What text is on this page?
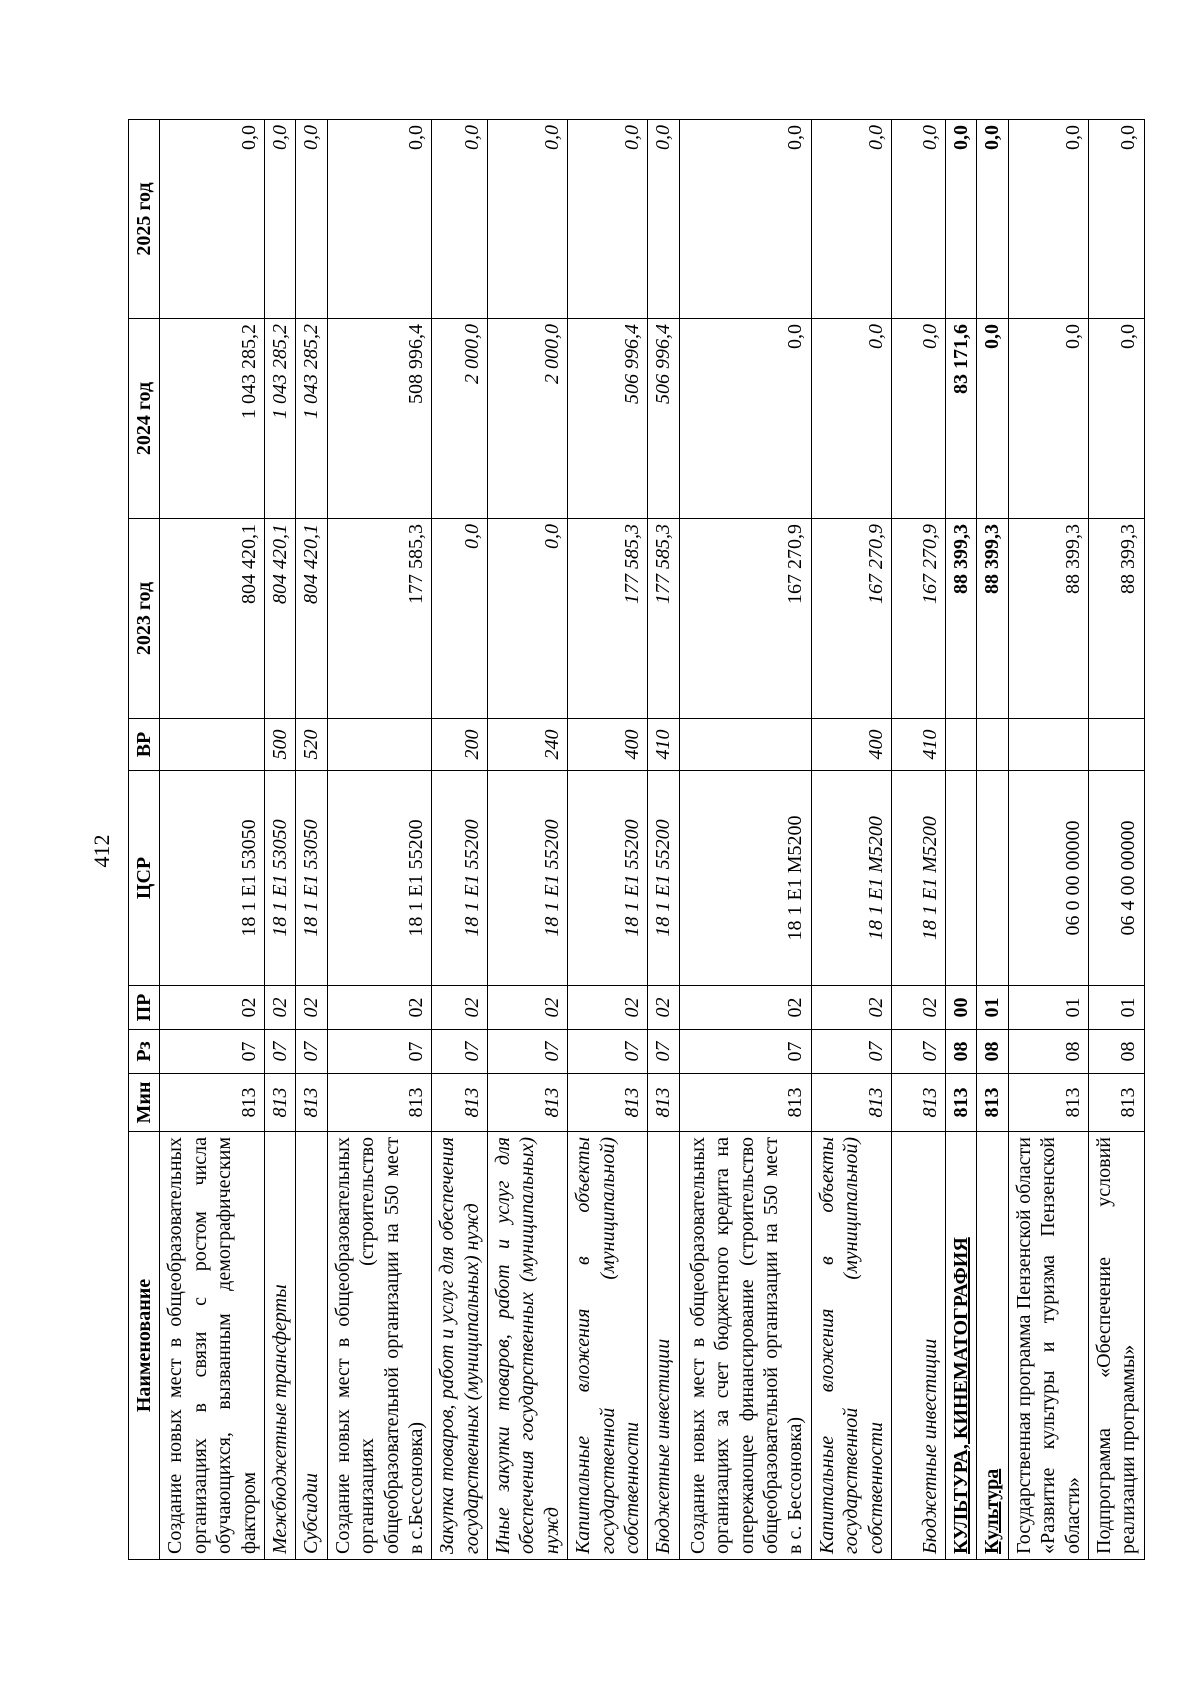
412
Наименование	Мин	Рз	ПР	ЦСР	ВР	2023 год	2024 год	2025 год
Создание новых мест в общеобразовательных организациях в связи с ростом числа обучающихся, вызванным демографическим фактором	813	07	02	18 1 E1 53050		804 420,1	1 043 285,2	0,0
Межбюджетные трансферты	813	07	02	18 1 E1 53050	500	804 420,1	1 043 285,2	0,0
Субсидии	813	07	02	18 1 E1 53050	520	804 420,1	1 043 285,2	0,0
Создание новых мест в общеобразовательных организациях (строительство общеобразовательной организации на 550 мест в с.Бессоновка)	813	07	02	18 1 E1 55200		177 585,3	508 996,4	0,0
Закупка товаров, работ и услуг для обеспечения государственных (муниципальных) нужд	813	07	02	18 1 E1 55200	200	0,0	2 000,0	0,0
Иные закупки товаров, работ и услуг для обеспечения государственных (муниципальных) нужд	813	07	02	18 1 E1 55200	240	0,0	2 000,0	0,0
Капитальные вложения в объекты государственной (муниципальной) собственности	813	07	02	18 1 E1 55200	400	177 585,3	506 996,4	0,0
Бюджетные инвестиции	813	07	02	18 1 E1 55200	410	177 585,3	506 996,4	0,0
Создание новых мест в общеобразовательных организациях за счет бюджетного кредита на опережающее финансирование (строительство общеобразовательной организации на 550 мест в с. Бессоновка)	813	07	02	18 1 E1 M5200		167 270,9	0,0	0,0
Капитальные вложения в объекты государственной (муниципальной) собственности	813	07	02	18 1 E1 M5200	400	167 270,9	0,0	0,0
Бюджетные инвестиции	813	07	02	18 1 E1 M5200	410	167 270,9	0,0	0,0
КУЛЬТУРА, КИНЕМАТОГРАФИЯ	813	08	00			88 399,3	83 171,6	0,0
Культура	813	08	01			88 399,3	0,0	0,0
Государственная программа Пензенской области «Развитие культуры и туризма Пензенской области»	813	08	01	06 0 00 00000		88 399,3	0,0	0,0
Подпрограмма «Обеспечение условий реализации программы»	813	08	01	06 4 00 00000		88 399,3	0,0	0,0
